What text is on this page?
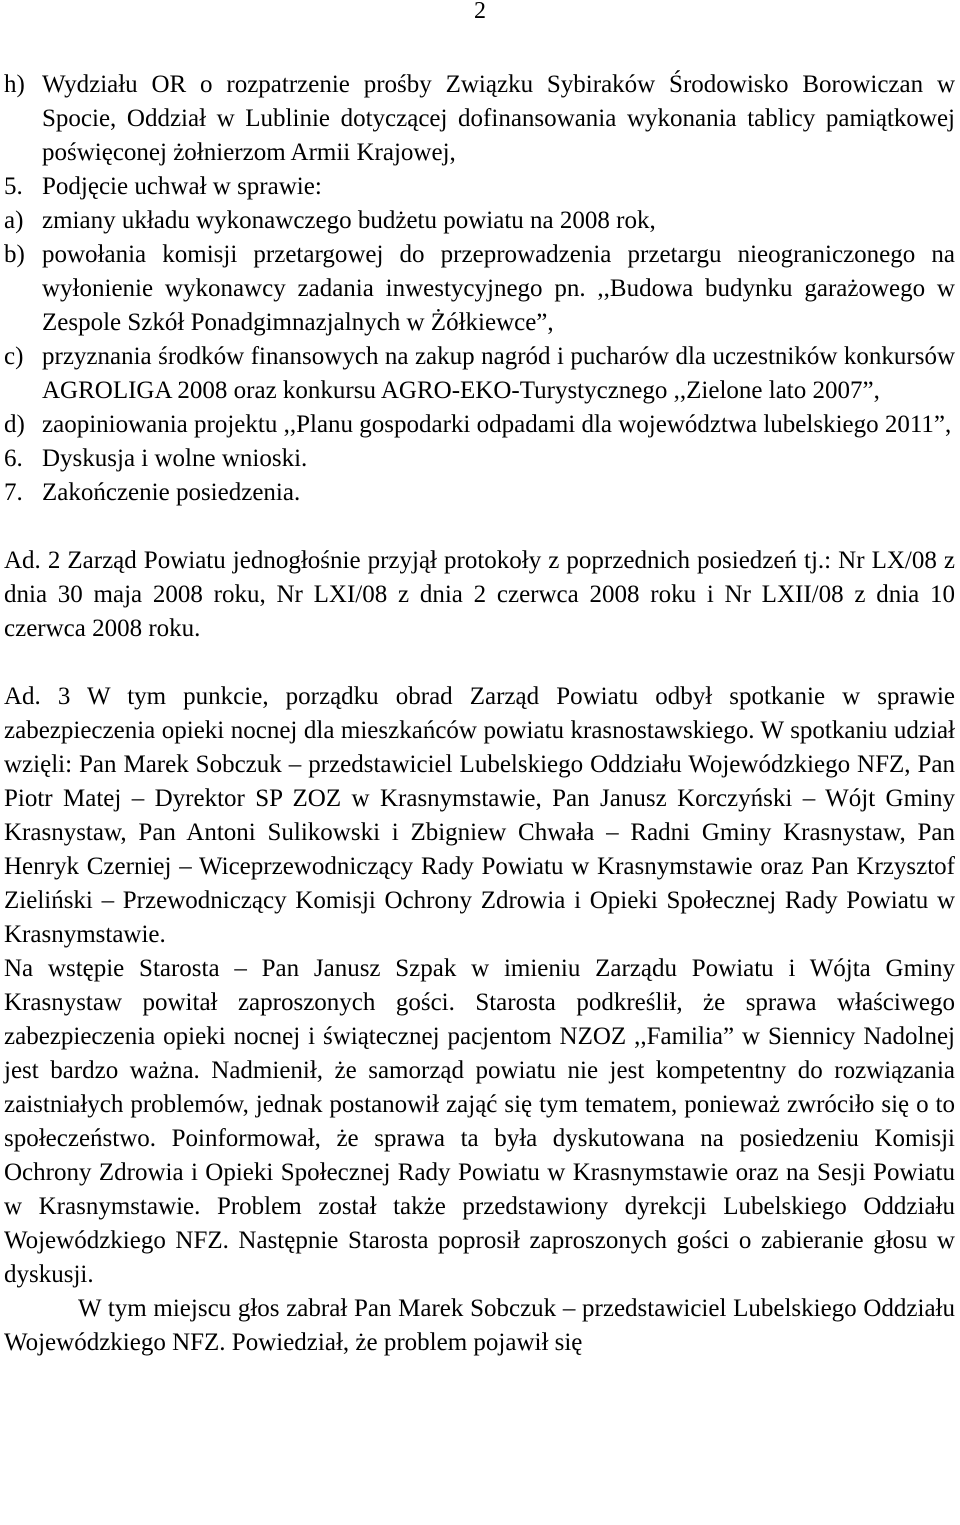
2
h) Wydziału OR o rozpatrzenie prośby Związku Sybiraków Środowisko Borowiczan w Spocie, Oddział w Lublinie dotyczącej dofinansowania wykonania tablicy pamiątkowej poświęconej żołnierzom Armii Krajowej,
5. Podjęcie uchwał w sprawie:
a) zmiany układu wykonawczego budżetu powiatu na 2008 rok,
b) powołania komisji przetargowej do przeprowadzenia przetargu nieograniczonego na wyłonienie wykonawcy zadania inwestycyjnego pn. ,,Budowa budynku garażowego w Zespole Szkół Ponadgimnazjalnych w Żółkiewce”,
c) przyznania środków finansowych na zakup nagród i pucharów dla uczestników konkursów AGROLIGA 2008 oraz konkursu AGRO-EKO-Turystycznego ,,Zielone lato 2007”,
d) zaopiniowania projektu ,,Planu gospodarki odpadami dla województwa lubelskiego 2011”,
6. Dyskusja i wolne wnioski.
7. Zakończenie posiedzenia.

Ad. 2 Zarząd Powiatu jednogłośnie przyjął protokoły z poprzednich posiedzeń tj.: Nr LX/08 z dnia 30 maja 2008 roku, Nr LXI/08 z dnia 2 czerwca 2008 roku i Nr LXII/08 z dnia 10 czerwca 2008 roku.

Ad. 3 W tym punkcie, porządku obrad Zarząd Powiatu odbył spotkanie w sprawie zabezpieczenia opieki nocnej dla mieszkańców powiatu krasnostawskiego. W spotkaniu udział wzięli: Pan Marek Sobczuk – przedstawiciel Lubelskiego Oddziału Wojewódzkiego NFZ, Pan Piotr Matej – Dyrektor SP ZOZ w Krasnymstawie, Pan Janusz Korczyński – Wójt Gminy Krasnystaw, Pan Antoni Sulikowski i Zbigniew Chwała – Radni Gminy Krasnystaw, Pan Henryk Czerniej – Wiceprzewodniczący Rady Powiatu w Krasnymstawie oraz Pan Krzysztof Zieliński – Przewodniczący Komisji Ochrony Zdrowia i Opieki Społecznej Rady Powiatu w Krasnymstawie.

Na wstępie Starosta – Pan Janusz Szpak w imieniu Zarządu Powiatu i Wójta Gminy Krasnystaw powitał zaproszonych gości. Starosta podkreślił, że sprawa właściwego zabezpieczenia opieki nocnej i świątecznej pacjentom NZOZ ,,Familia” w Siennicy Nadolnej jest bardzo ważna. Nadmienił, że samorząd powiatu nie jest kompetentny do rozwiązania zaistniałych problemów, jednak postanowił zająć się tym tematem, ponieważ zwróciło się o to społeczeństwo. Poinformował, że sprawa ta była dyskutowana na posiedzeniu Komisji Ochrony Zdrowia i Opieki Społecznej Rady Powiatu w Krasnymstawie oraz na Sesji Powiatu w Krasnymstawie. Problem został także przedstawiony dyrekcji Lubelskiego Oddziału Wojewódzkiego NFZ. Następnie Starosta poprosił zaproszonych gości o zabieranie głosu w dyskusji.

W tym miejscu głos zabrał Pan Marek Sobczuk – przedstawiciel Lubelskiego Oddziału Wojewódzkiego NFZ. Powiedział, że problem pojawił się
